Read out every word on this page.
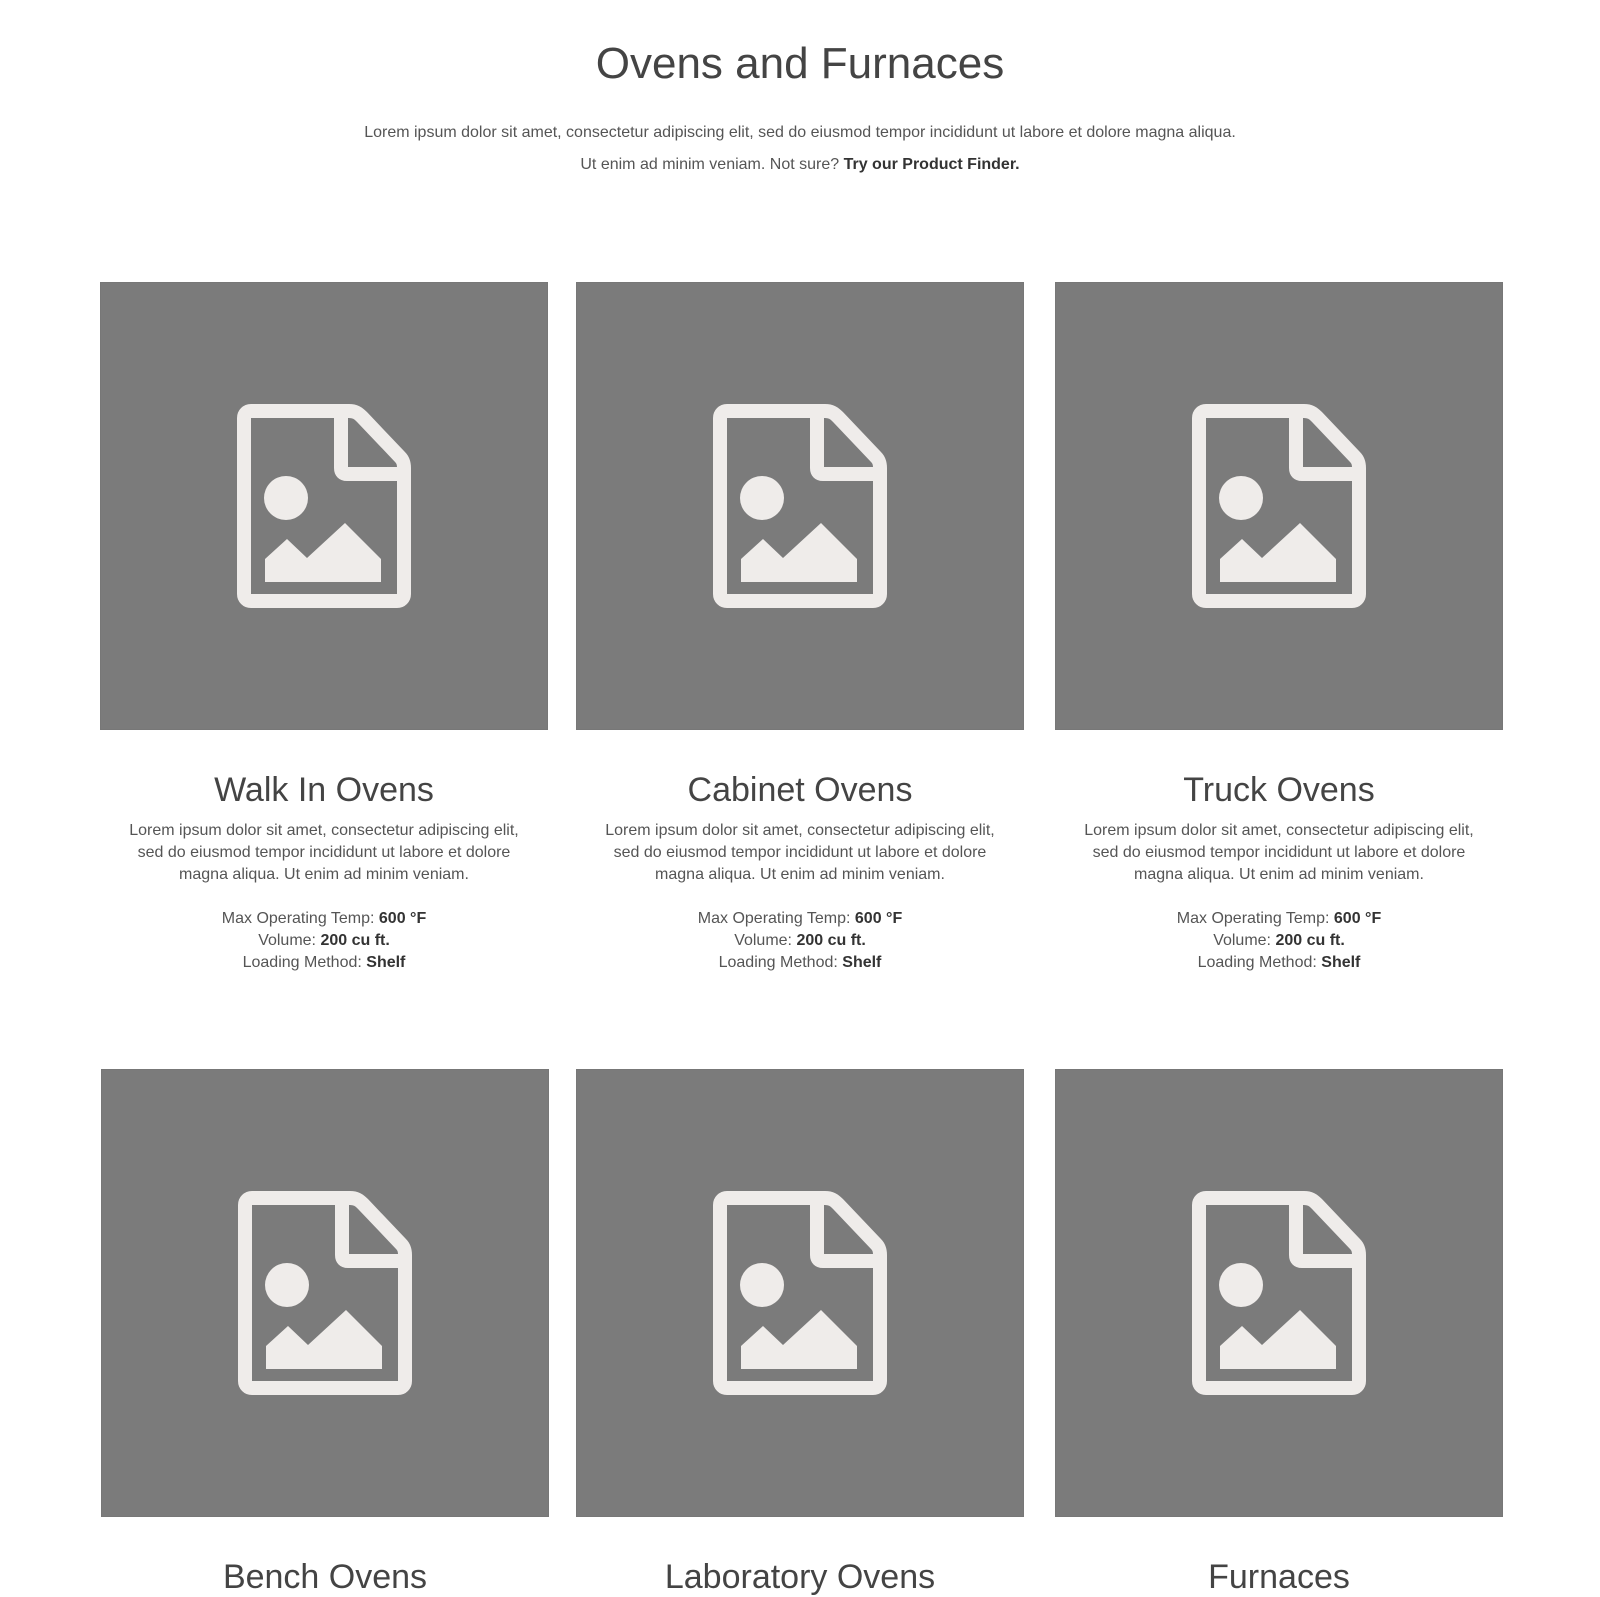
Ovens and Furnaces

Lorem ipsum dolor sit amet, consectetur adipiscing elit, sed do eiusmod tempor incididunt ut labore et dolore magna aliqua. Ut enim ad minim veniam. Not sure? Try our Product Finder.

Walk In Ovens

Lorem ipsum dolor sit amet, consectetur adipiscing elit, sed do eiusmod tempor incididunt ut labore et dolore magna aliqua. Ut enim ad minim veniam.

Max Operating Temp: 600 °F
Volume: 200 cu ft.
Loading Method: Shelf
Cabinet Ovens

Lorem ipsum dolor sit amet, consectetur adipiscing elit, sed do eiusmod tempor incididunt ut labore et dolore magna aliqua. Ut enim ad minim veniam.

Max Operating Temp: 600 °F
Volume: 200 cu ft.
Loading Method: Shelf
Truck Ovens

Lorem ipsum dolor sit amet, consectetur adipiscing elit, sed do eiusmod tempor incididunt ut labore et dolore magna aliqua. Ut enim ad minim veniam.

Max Operating Temp: 600 °F
Volume: 200 cu ft.
Loading Method: Shelf
Bench Ovens	Laboratory Ovens	Furnaces
